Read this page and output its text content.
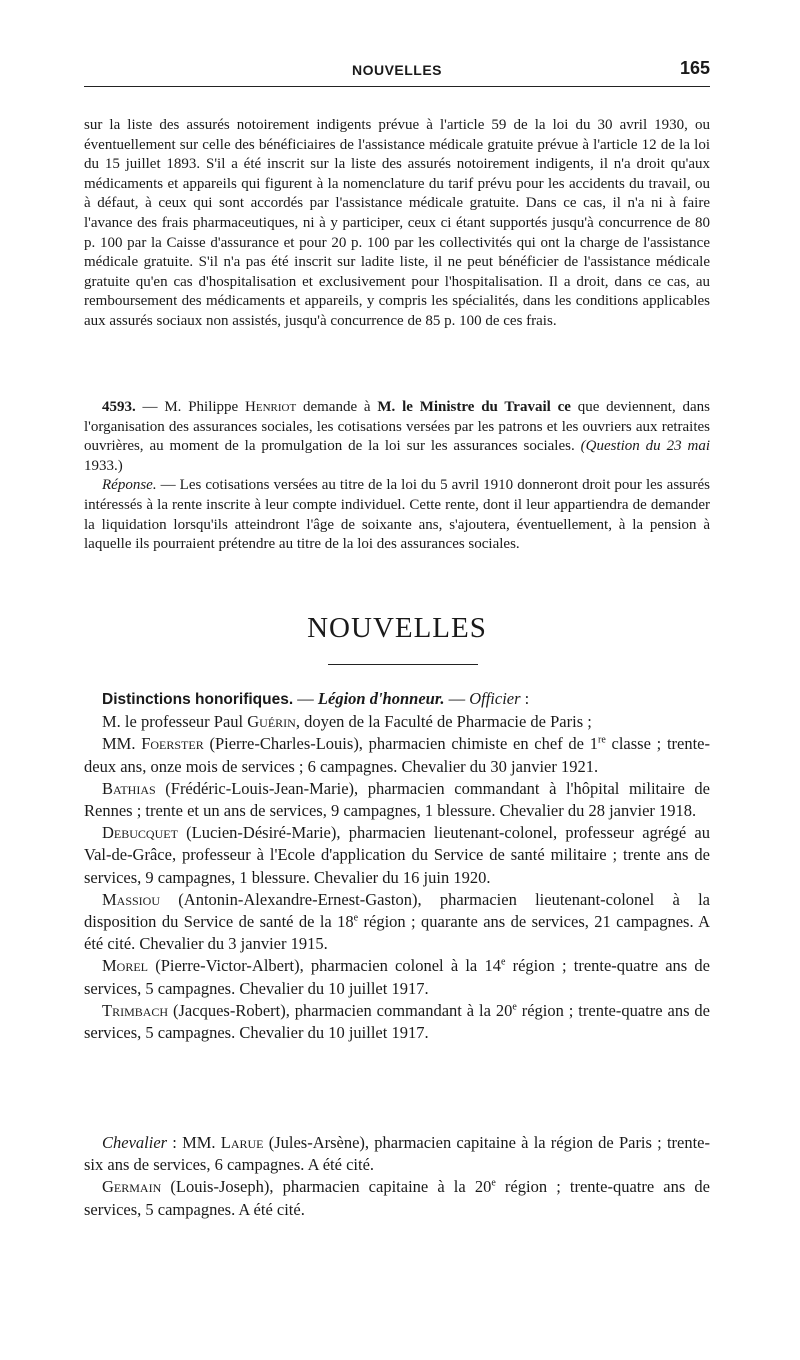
NOUVELLES	165

sur la liste des assurés notoirement indigents prévue à l'article 59 de la loi du 30 avril 1930, ou éventuellement sur celle des bénéficiaires de l'assistance médicale gratuite prévue à l'article 12 de la loi du 15 juillet 1893. S'il a été inscrit sur la liste des assurés notoirement indigents, il n'a droit qu'aux médicaments et appareils qui figurent à la nomenclature du tarif prévu pour les accidents du travail, ou à défaut, à ceux qui sont accordés par l'assistance médicale gratuite. Dans ce cas, il n'a ni à faire l'avance des frais pharmaceutiques, ni à y participer, ceux ci étant supportés jusqu'à concurrence de 80 p. 100 par la Caisse d'assurance et pour 20 p. 100 par les collectivités qui ont la charge de l'assistance médicale gratuite. S'il n'a pas été inscrit sur ladite liste, il ne peut bénéficier de l'assistance médicale gratuite qu'en cas d'hospitalisation et exclusivement pour l'hospitalisation. Il a droit, dans ce cas, au remboursement des médicaments et appareils, y compris les spécialités, dans les conditions applicables aux assurés sociaux non assistés, jusqu'à concurrence de 85 p. 100 de ces frais.

4593. — M. Philippe Henriot demande à M. le Ministre du Travail ce que deviennent, dans l'organisation des assurances sociales, les cotisations versées par les patrons et les ouvriers aux retraites ouvrières, au moment de la promulgation de la loi sur les assurances sociales. (Question du 23 mai 1933.)

Réponse. — Les cotisations versées au titre de la loi du 5 avril 1910 donneront droit pour les assurés intéressés à la rente inscrite à leur compte individuel. Cette rente, dont il leur appartiendra de demander la liquidation lorsqu'ils atteindront l'âge de soixante ans, s'ajoutera, éventuellement, à la pension à laquelle ils pourraient prétendre au titre de la loi des assurances sociales.

NOUVELLES

Distinctions honorifiques. — Légion d'honneur. — Officier :

M. le professeur Paul Guérin, doyen de la Faculté de Pharmacie de Paris ;

MM. Foerster (Pierre-Charles-Louis), pharmacien chimiste en chef de 1re classe ; trente-deux ans, onze mois de services ; 6 campagnes. Chevalier du 30 janvier 1921.

Bathias (Frédéric-Louis-Jean-Marie), pharmacien commandant à l'hôpital militaire de Rennes ; trente et un ans de services, 9 campagnes, 1 blessure. Chevalier du 28 janvier 1918.

Debucquet (Lucien-Désiré-Marie), pharmacien lieutenant-colonel, professeur agrégé au Val-de-Grâce, professeur à l'Ecole d'application du Service de santé militaire ; trente ans de services, 9 campagnes, 1 blessure. Chevalier du 16 juin 1920.

Massiou (Antonin-Alexandre-Ernest-Gaston), pharmacien lieutenant-colonel à la disposition du Service de santé de la 18e région ; quarante ans de services, 21 campagnes. A été cité. Chevalier du 3 janvier 1915.

Morel (Pierre-Victor-Albert), pharmacien colonel à la 14e région ; trente-quatre ans de services, 5 campagnes. Chevalier du 10 juillet 1917.

Trimbach (Jacques-Robert), pharmacien commandant à la 20e région ; trente-quatre ans de services, 5 campagnes. Chevalier du 10 juillet 1917.

Chevalier : MM. Larue (Jules-Arsène), pharmacien capitaine à la région de Paris ; trente-six ans de services, 6 campagnes. A été cité.

Germain (Louis-Joseph), pharmacien capitaine à la 20e région ; trente-quatre ans de services, 5 campagnes. A été cité.
